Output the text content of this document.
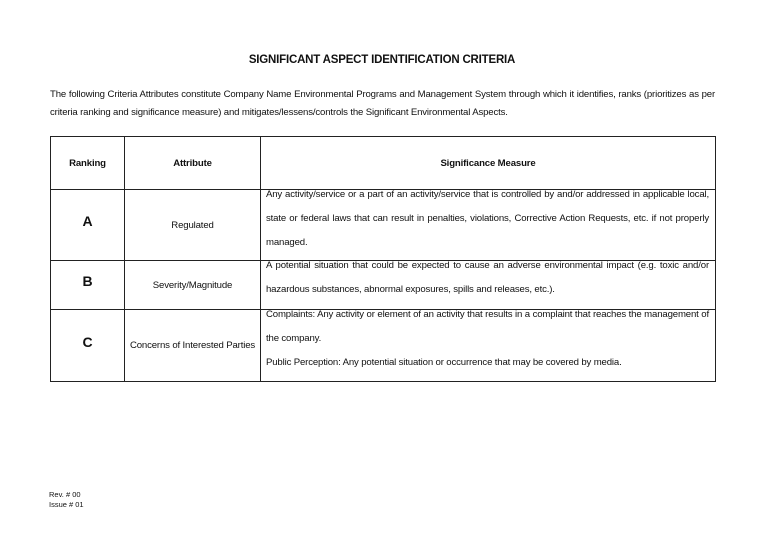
SIGNIFICANT ASPECT IDENTIFICATION CRITERIA
The following Criteria Attributes constitute Company Name Environmental Programs and Management System through which it identifies, ranks (prioritizes as per criteria ranking and significance measure) and mitigates/lessens/controls the Significant Environmental Aspects.
Ranking	Attribute	Significance Measure
A	Regulated	Any activity/service or a part of an activity/service that is controlled by and/or addressed in applicable local, state or federal laws that can result in penalties, violations, Corrective Action Requests, etc. if not properly managed.

B	Severity/Magnitude	A potential situation that could be expected to cause an adverse environmental impact (e.g. toxic and/or hazardous substances, abnormal exposures, spills and releases, etc.).

C	Concerns of Interested Parties	Complaints: Any activity or element of an activity that results in a complaint that reaches the management of the company.

Public Perception: Any potential situation or occurrence that may be covered by media.

Rev. # 00
Issue # 01
